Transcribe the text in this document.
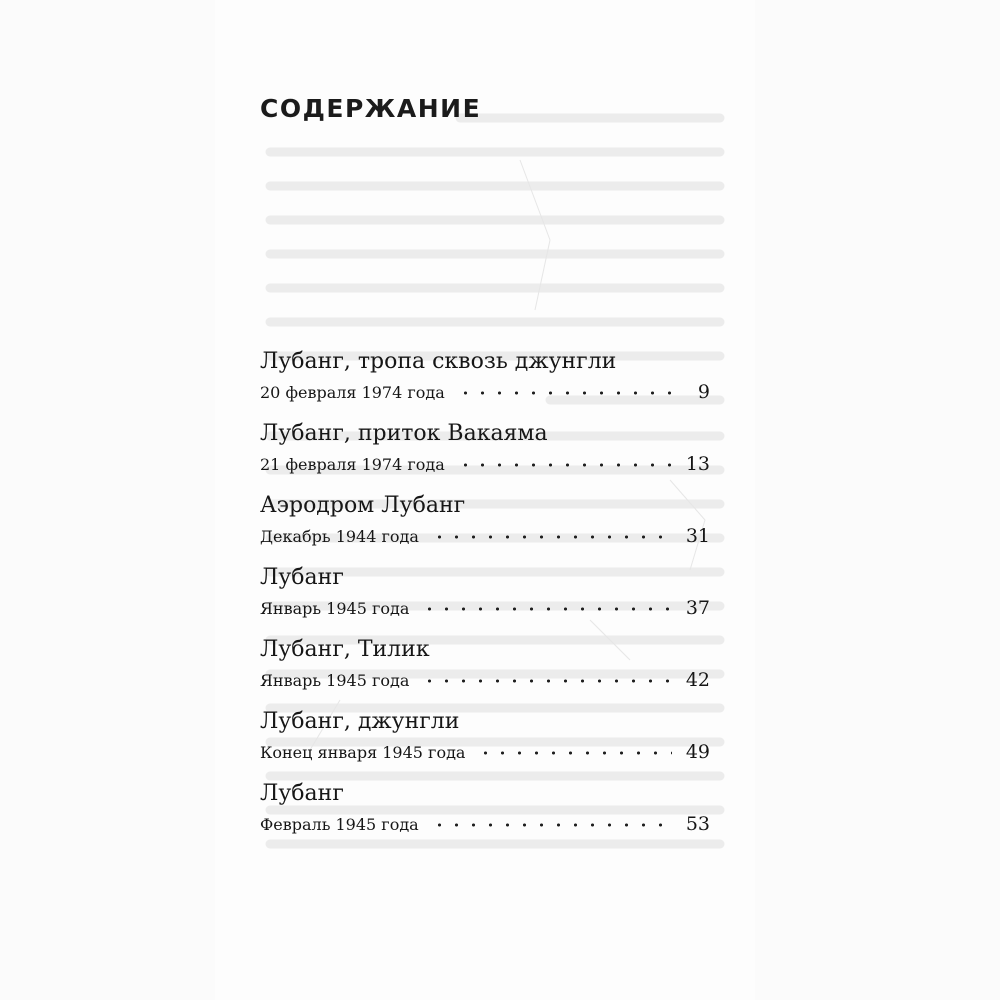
СОДЕРЖАНИЕ
Лубанг, тропа сквозь джунгли
20 февраля 1974 года	9
Лубанг, приток Вакаяма
21 февраля 1974 года	13
Аэродром Лубанг
Декабрь 1944 года	31
Лубанг
Январь 1945 года	37
Лубанг, Тилик
Январь 1945 года	42
Лубанг, джунгли
Конец января 1945 года	49
Лубанг
Февраль 1945 года	53
